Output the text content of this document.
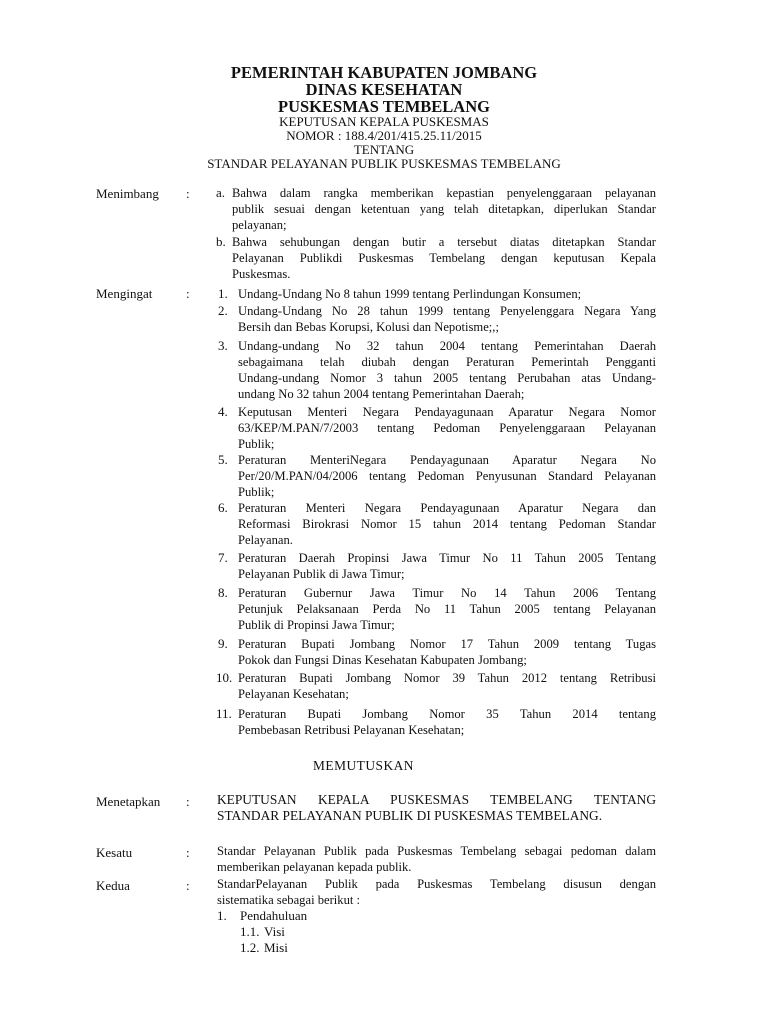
PEMERINTAH KABUPATEN JOMBANG
DINAS KESEHATAN
PUSKESMAS TEMBELANG
KEPUTUSAN KEPALA PUSKESMAS
NOMOR : 188.4/201/415.25.11/2015
TENTANG
STANDAR PELAYANAN PUBLIK PUSKESMAS TEMBELANG
Menimbang : a. Bahwa dalam rangka memberikan kepastian penyelenggaraan pelayanan
publik sesuai dengan ketentuan yang telah ditetapkan, diperlukan Standar
pelayanan;
b. Bahwa sehubungan dengan butir a tersebut diatas ditetapkan Standar
Pelayanan Publikdi Puskesmas Tembelang dengan keputusan Kepala
Puskesmas.
Mengingat	: 1. Undang-Undang No 8 tahun 1999 tentang Perlindungan Konsumen;
2. Undang-Undang No 28 tahun 1999 tentang Penyelenggara Negara Yang
Bersih dan Bebas Korupsi, Kolusi dan Nepotisme;,;
3. Undang-undang No 32 tahun 2004 tentang Pemerintahan Daerah
sebagaimana telah diubah dengan Peraturan Pemerintah Pengganti
Undang-undang Nomor 3 tahun 2005 tentang Perubahan atas Undang-
undang No 32 tahun 2004 tentang Pemerintahan Daerah;
4. Keputusan Menteri Negara Pendayagunaan Aparatur Negara Nomor
63/KEP/M.PAN/7/2003 tentang Pedoman Penyelenggaraan Pelayanan
Publik;
5. Peraturan MenteriNegara Pendayagunaan Aparatur Negara No
Per/20/M.PAN/04/2006 tentang Pedoman Penyusunan Standard Pelayanan
Publik;
6. Peraturan Menteri Negara Pendayagunaan Aparatur Negara dan
Reformasi Birokrasi Nomor 15 tahun 2014 tentang Pedoman Standar
Pelayanan.
7. Peraturan Daerah Propinsi Jawa Timur No 11 Tahun 2005 Tentang
Pelayanan Publik di Jawa Timur;
8. Peraturan Gubernur Jawa Timur No 14 Tahun 2006 Tentang
Petunjuk Pelaksanaan Perda No 11 Tahun 2005 tentang Pelayanan
Publik di Propinsi Jawa Timur;
9. Peraturan Bupati Jombang Nomor 17 Tahun 2009 tentang Tugas
Pokok dan Fungsi Dinas Kesehatan Kabupaten Jombang;
10. Peraturan Bupati Jombang Nomor 39 Tahun 2012 tentang Retribusi
Pelayanan Kesehatan;
11. Peraturan Bupati Jombang Nomor 35 Tahun 2014 tentang
Pembebasan Retribusi Pelayanan Kesehatan;
MEMUTUSKAN
Menetapkan : KEPUTUSAN KEPALA PUSKESMAS TEMBELANG TENTANG
STANDAR PELAYANAN PUBLIK DI PUSKESMAS TEMBELANG.
Kesatu	: Standar Pelayanan Publik pada Puskesmas Tembelang sebagai pedoman dalam
memberikan pelayanan kepada publik.
Kedua	: StandarPelayanan Publik pada Puskesmas Tembelang disusun dengan
sistematika sebagai berikut :
1. Pendahuluan
1.1. Visi
1.2. Misi
